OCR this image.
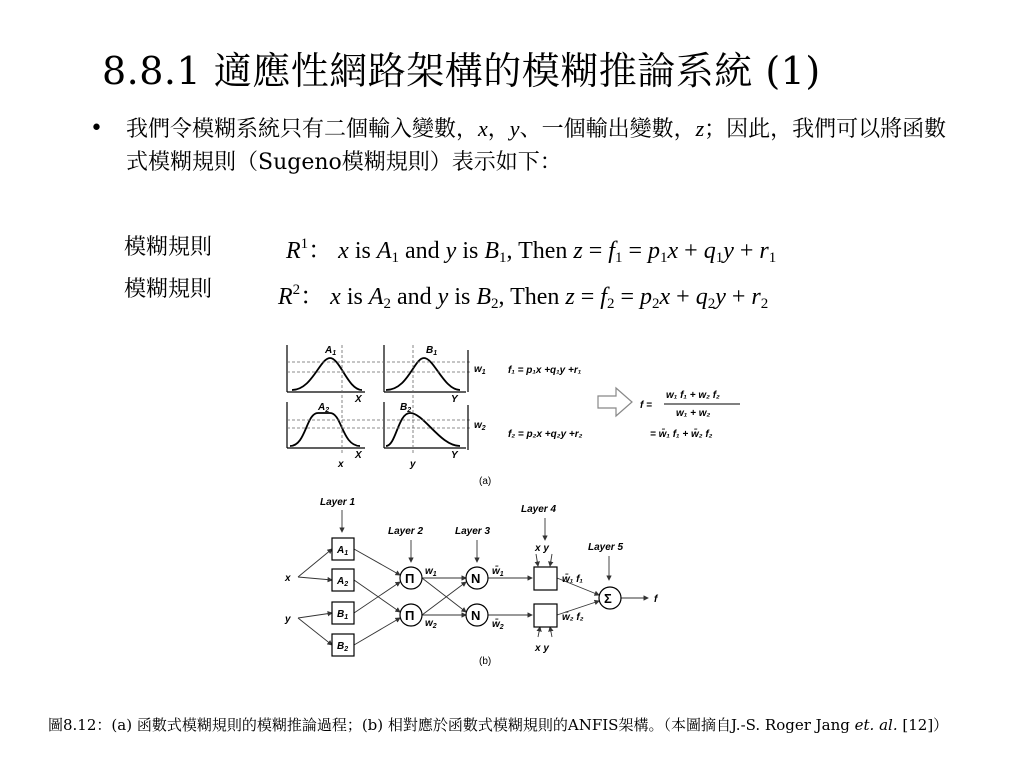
8.8.1 適應性網路架構的模糊推論系統 (1)
• 我們令模糊系統只有二個輸入變數，x，y、一個輸出變數，z；因此，我們可以將函數式模糊規則（Sugeno模糊規則）表示如下：
模糊規則	$R^1$： x is $A_1$ and y is $B_1$, Then $z = f_1 = p_1x + q_1y + r_1$
模糊規則	$R^2$： x is $A_2$ and y is $B_2$, Then $z = f_2 = p_2x + q_2y + r_2$
$A_1$	$B_1$
$A_2$	$B_2$
X	Y
X	Y
x	y
$w_1$
$w_2$
f₁ = p₁x +q₁y +r₁
f₂ = p₂x +q₂y +r₂
f =
w₁ f₁ + w₂ f₂
w₁ + w₂
= w̄₁ f₁ + w̄₂ f₂
(a)
Layer 1
Layer 2	Layer 3
Layer 4
Layer 5
x
y
x y
x y
$A_1$
$A_2$
$B_1$
$B_2$
Π
Π
N
N
Σ
$w_1$
$w_2$
$w̄_1$
$w̄_2$
w̄₁ f₁
w̄₂ f₂
f
(b)
圖8.12：(a) 函數式模糊規則的模糊推論過程；(b) 相對應於函數式模糊規則的ANFIS架構。（本圖摘自J.-S. Roger Jang et. al. [12]）
